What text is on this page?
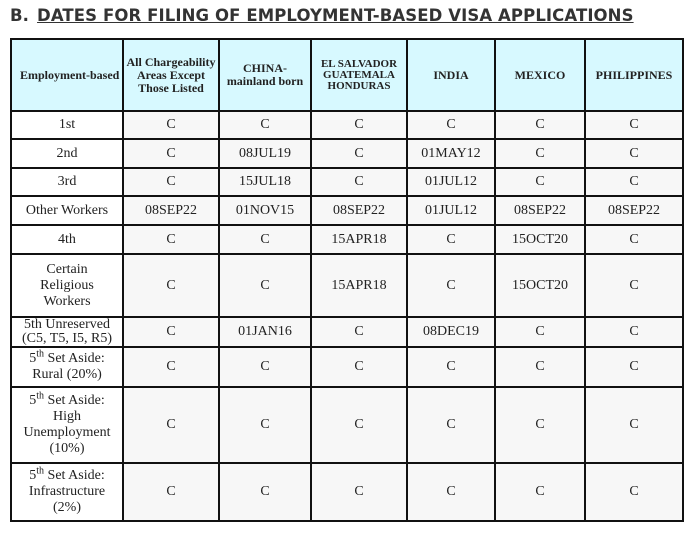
B. DATES FOR FILING OF EMPLOYMENT-BASED VISA APPLICATIONS
Employment-based	All Chargeability Areas Except Those Listed	CHINA-mainland born	EL SALVADOR GUATEMALA HONDURAS	INDIA	MEXICO	PHILIPPINES
1st	C	C	C	C	C	C
2nd	C	08JUL19	C	01MAY12	C	C
3rd	C	15JUL18	C	01JUL12	C	C
Other Workers	08SEP22	01NOV15	08SEP22	01JUL12	08SEP22	08SEP22
4th	C	C	15APR18	C	15OCT20	C
Certain Religious Workers	C	C	15APR18	C	15OCT20	C
5th Unreserved (C5, T5, I5, R5)	C	01JAN16	C	08DEC19	C	C
5th Set Aside: Rural (20%)	C	C	C	C	C	C
5th Set Aside: High Unemployment (10%)	C	C	C	C	C	C
5th Set Aside: Infrastructure (2%)	C	C	C	C	C	C
